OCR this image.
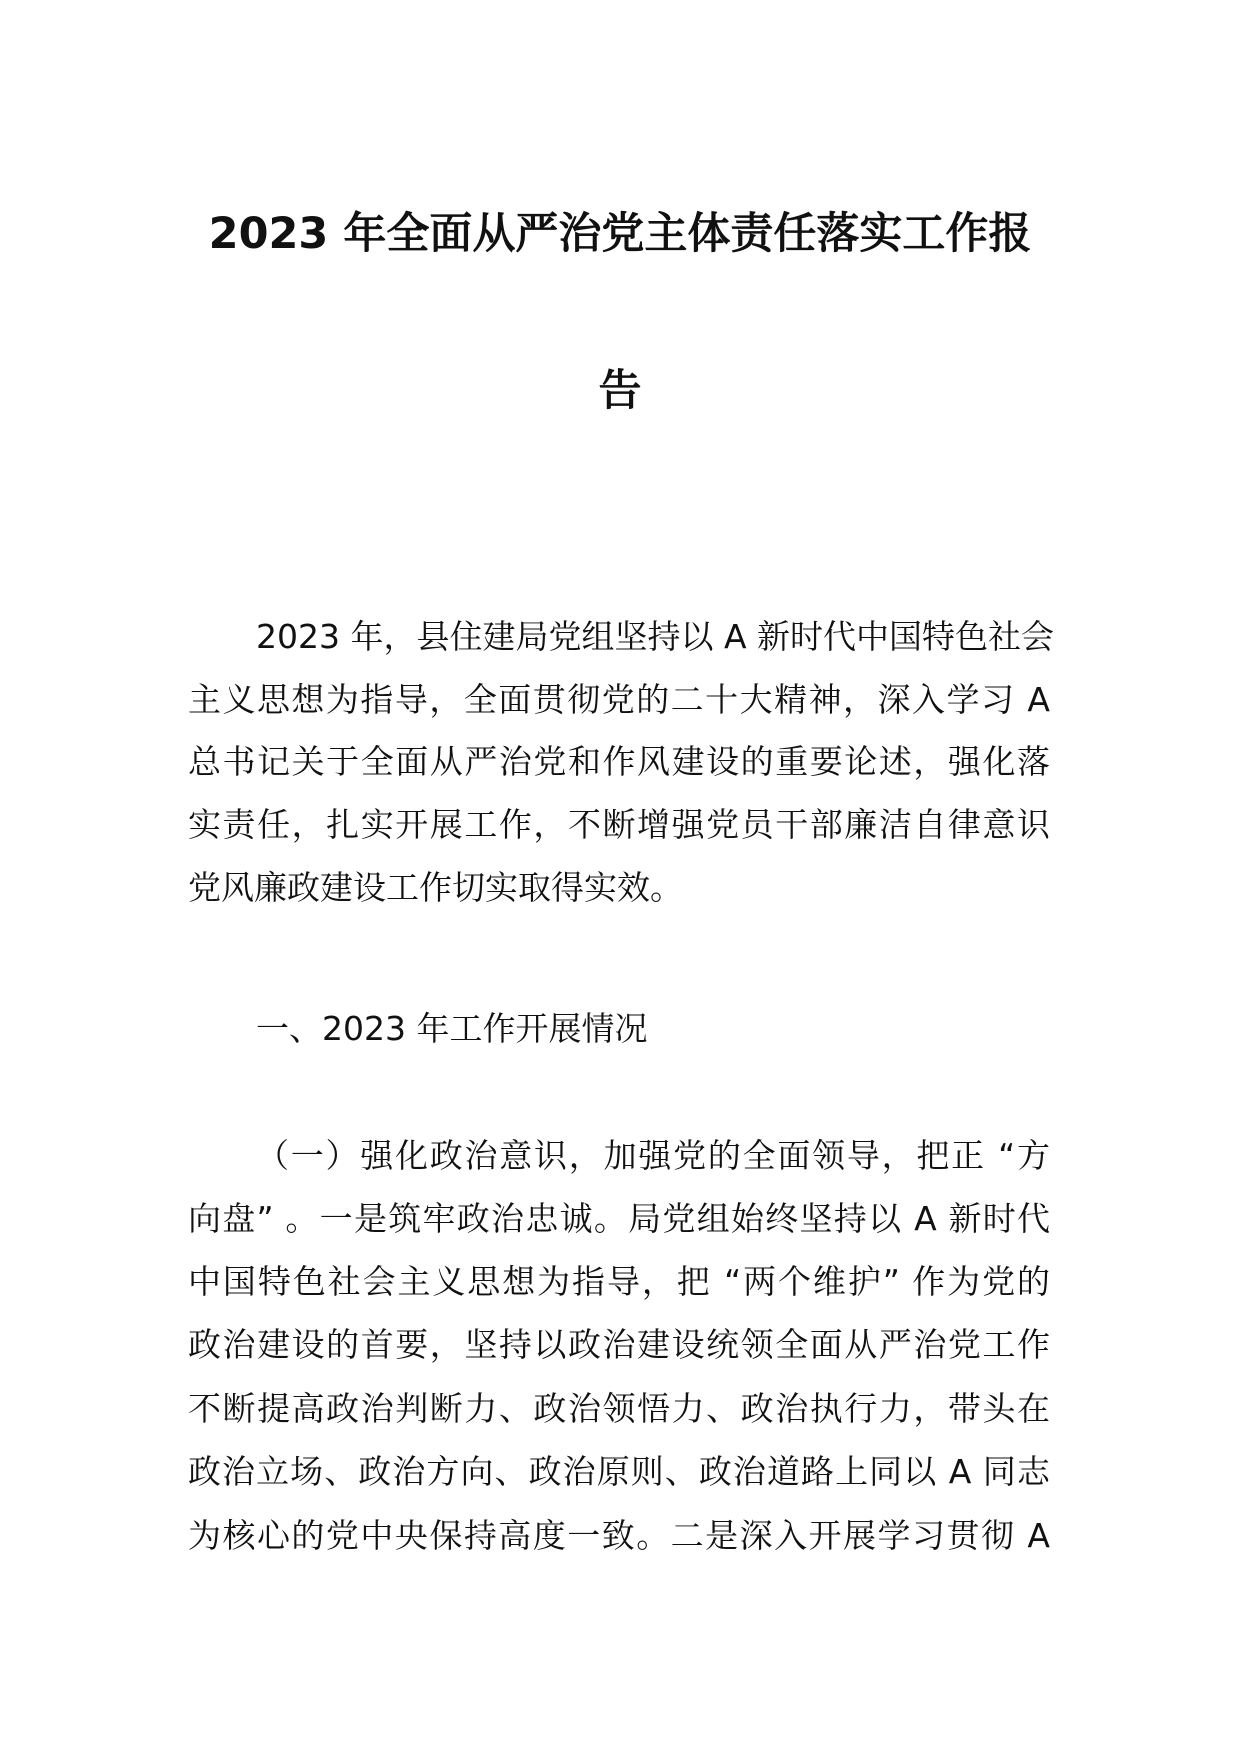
2023 年全面从严治党主体责任落实工作报
告
2023 年，县住建局党组坚持以 A 新时代中国特色社会
主义思想为指导，全面贯彻党的二十大精神，深入学习 A
总书记关于全面从严治党和作风建设的重要论述，强化落
实责任，扎实开展工作，不断增强党员干部廉洁自律意识
党风廉政建设工作切实取得实效。
一、2023 年工作开展情况
（一）强化政治意识，加强党的全面领导，把正 “方
向盘” 。一是筑牢政治忠诚。局党组始终坚持以 A 新时代
中国特色社会主义思想为指导，把 “两个维护” 作为党的
政治建设的首要，坚持以政治建设统领全面从严治党工作
不断提高政治判断力、政治领悟力、政治执行力，带头在
政治立场、政治方向、政治原则、政治道路上同以 A 同志
为核心的党中央保持高度一致。二是深入开展学习贯彻 A
